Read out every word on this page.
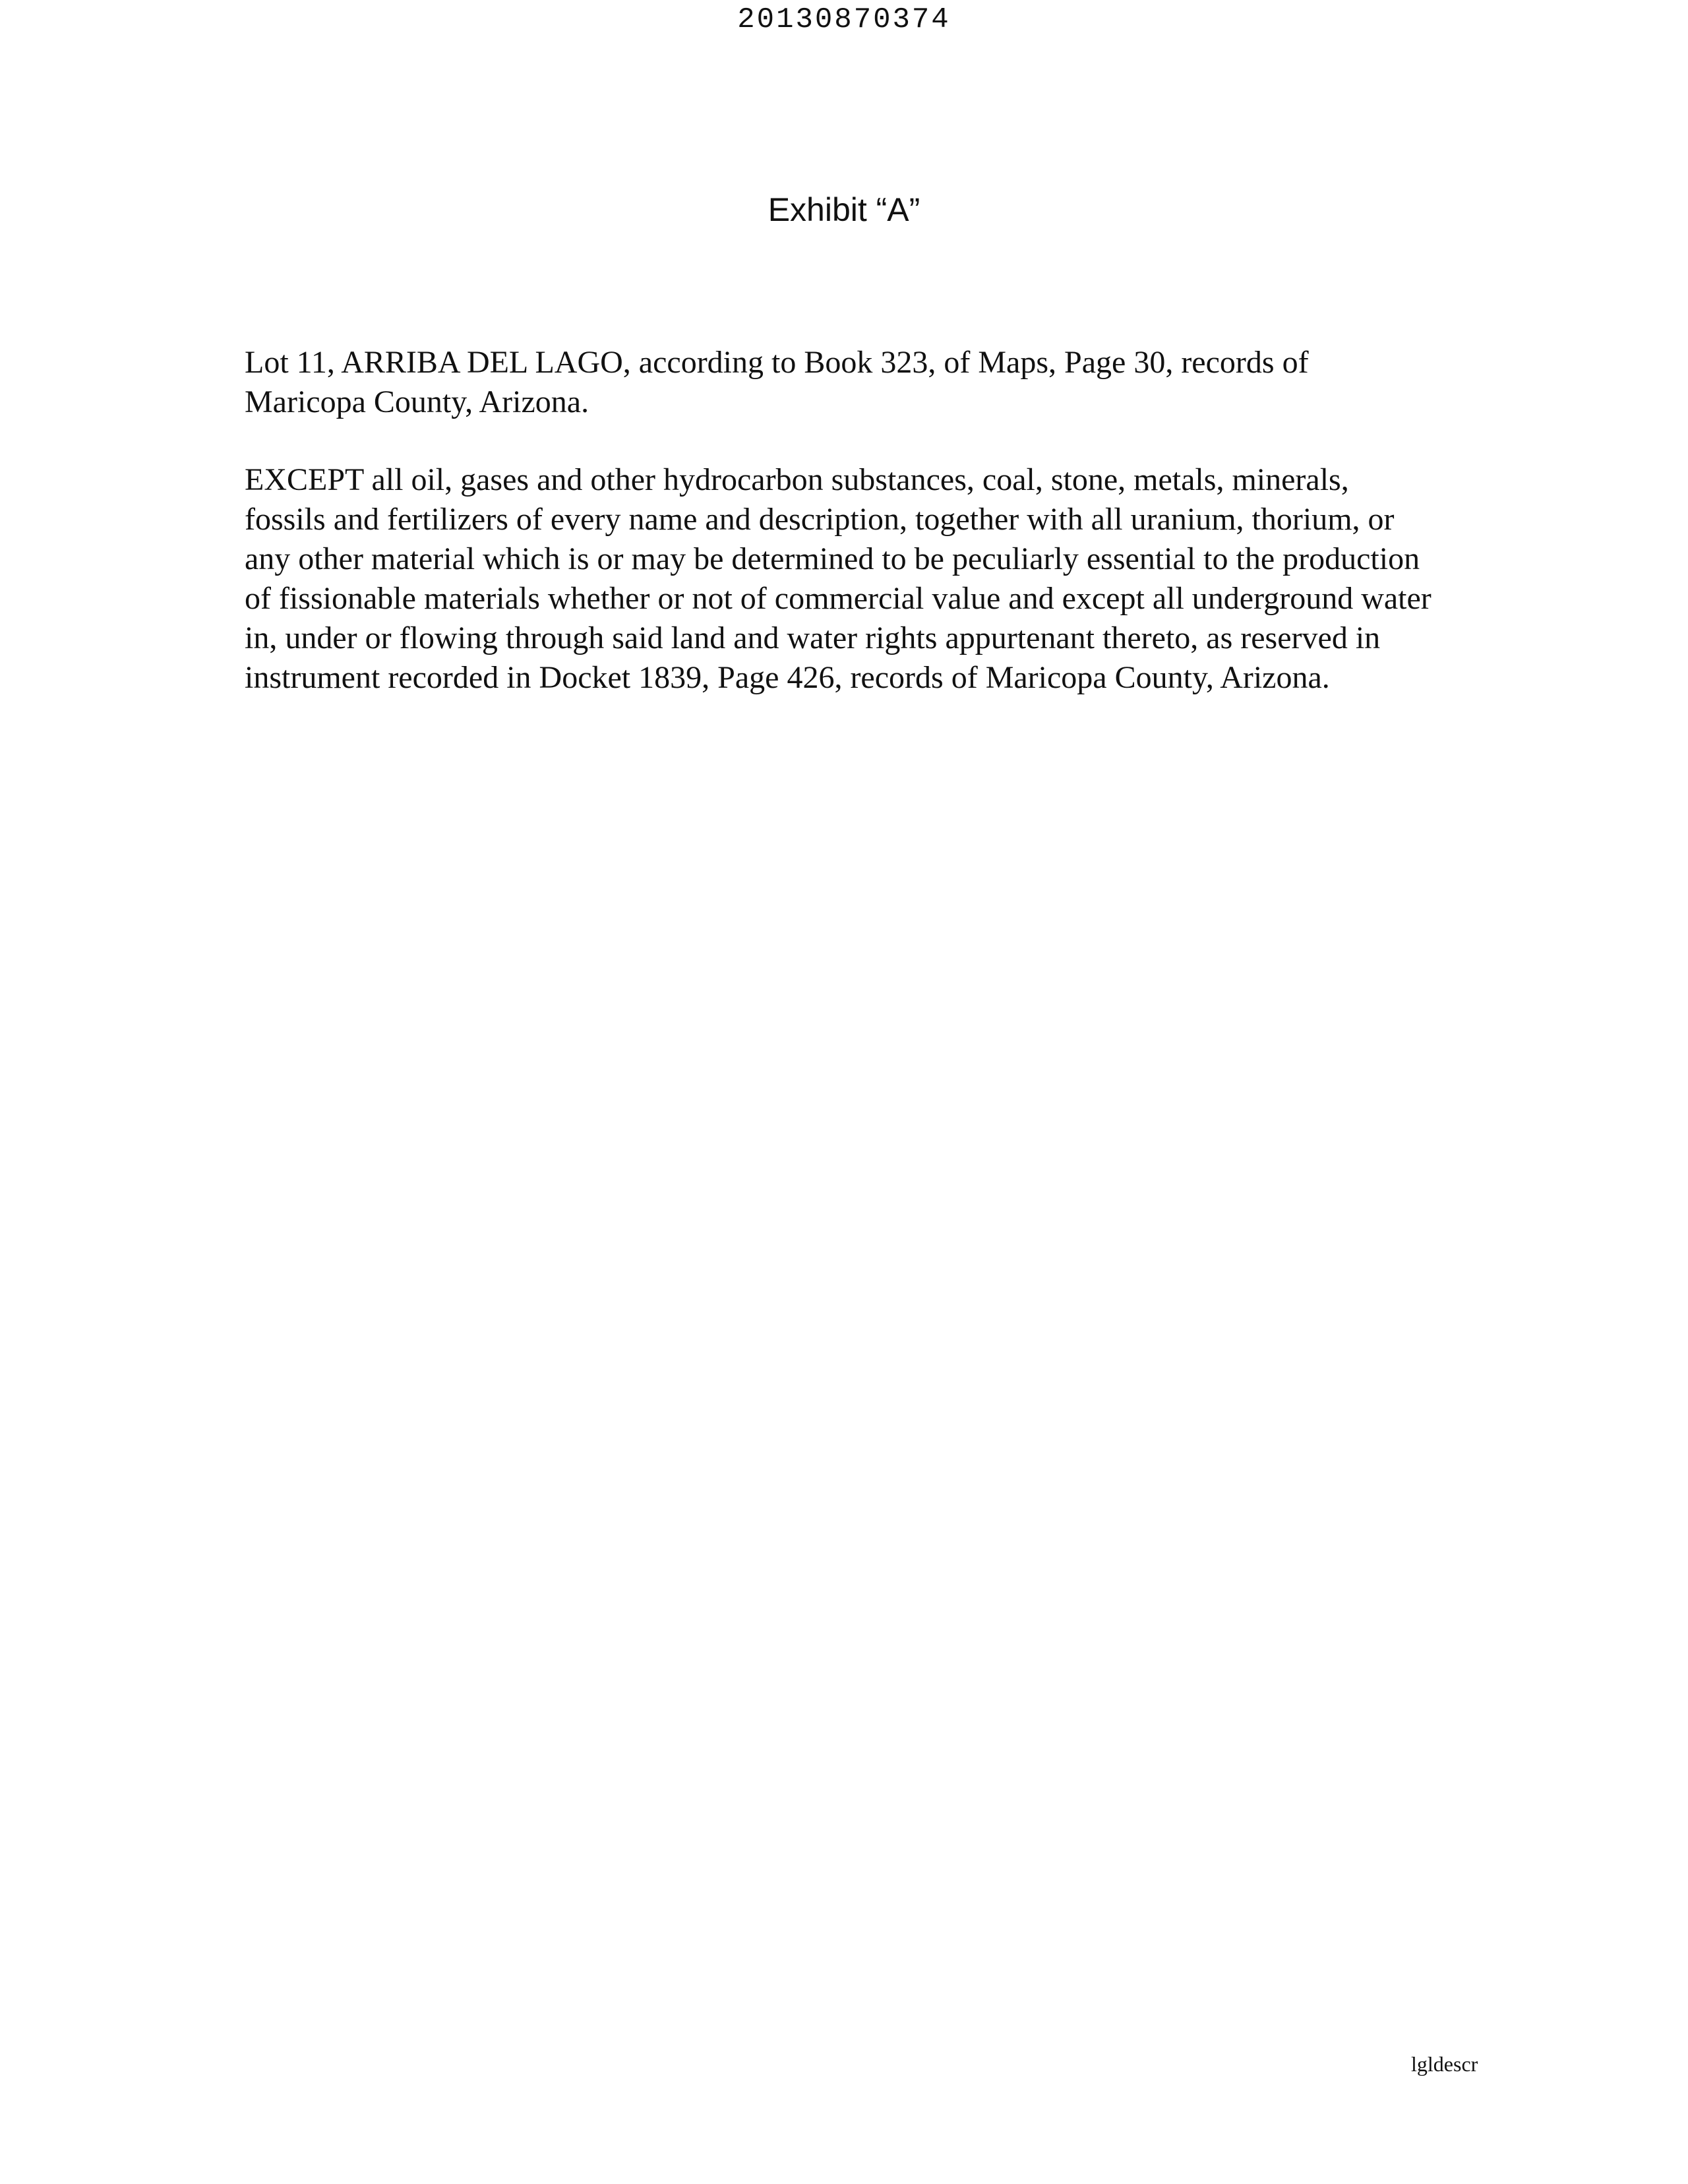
20130870374
Exhibit “A”
Lot 11, ARRIBA DEL LAGO, according to Book 323, of Maps, Page 30, records of
Maricopa County, Arizona.
EXCEPT all oil, gases and other hydrocarbon substances, coal, stone, metals, minerals,
fossils and fertilizers of every name and description, together with all uranium, thorium, or
any other material which is or may be determined to be peculiarly essential to the production
of fissionable materials whether or not of commercial value and except all underground water
in, under or flowing through said land and water rights appurtenant thereto, as reserved in
instrument recorded in Docket 1839, Page 426, records of Maricopa County, Arizona.
lgldescr
